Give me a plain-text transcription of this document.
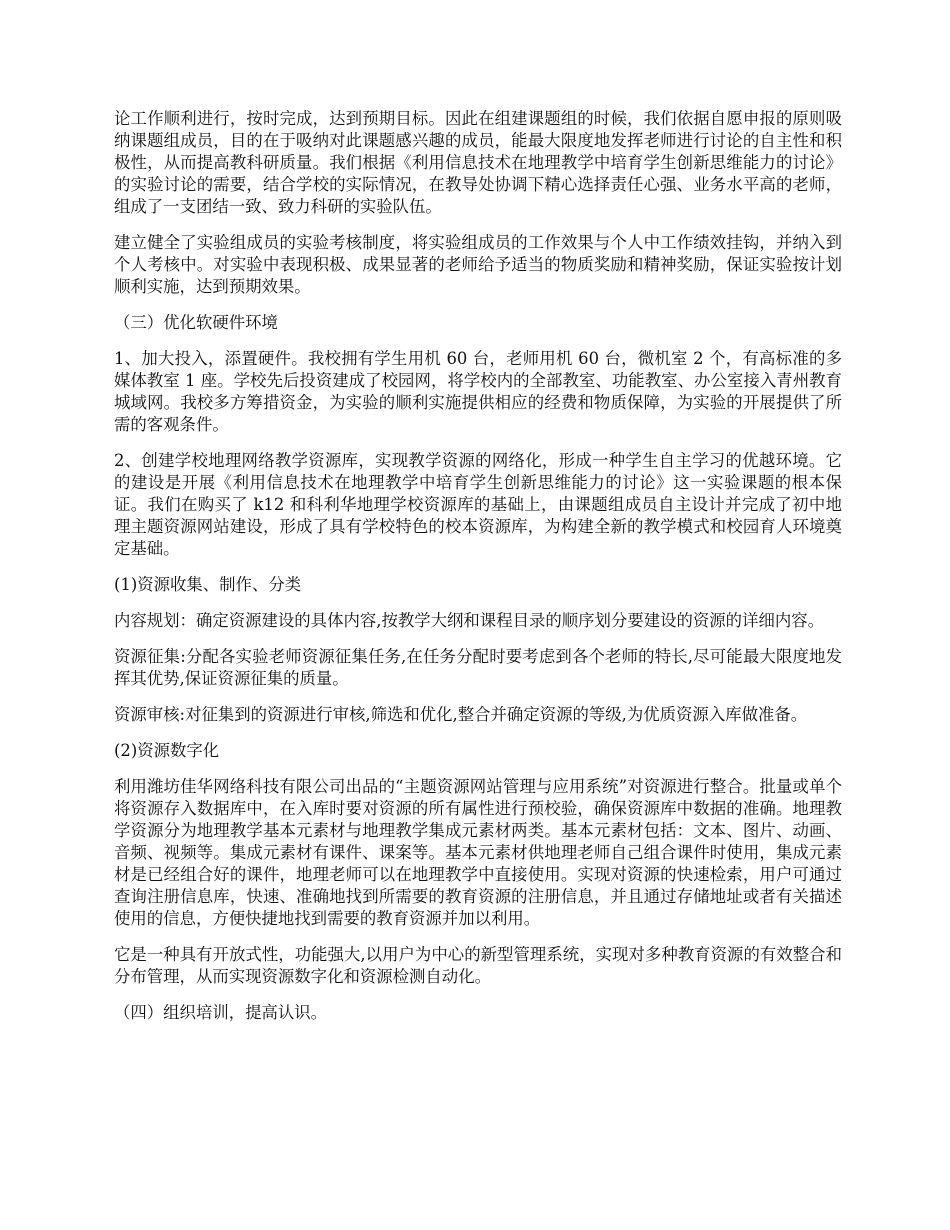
论工作顺利进行，按时完成，达到预期目标。因此在组建课题组的时候，我们依据自愿申报的原则吸纳课题组成员，目的在于吸纳对此课题感兴趣的成员，能最大限度地发挥老师进行讨论的自主性和积极性，从而提高教科研质量。我们根据《利用信息技术在地理教学中培育学生创新思维能力的讨论》的实验讨论的需要，结合学校的实际情况，在教导处协调下精心选择责任心强、业务水平高的老师，组成了一支团结一致、致力科研的实验队伍。

建立健全了实验组成员的实验考核制度，将实验组成员的工作效果与个人中工作绩效挂钩，并纳入到个人考核中。对实验中表现积极、成果显著的老师给予适当的物质奖励和精神奖励，保证实验按计划顺利实施，达到预期效果。

（三）优化软硬件环境

1、加大投入，添置硬件。我校拥有学生用机 60 台，老师用机 60 台，微机室 2 个，有高标准的多媒体教室 1 座。学校先后投资建成了校园网，将学校内的全部教室、功能教室、办公室接入青州教育城域网。我校多方筹措资金，为实验的顺利实施提供相应的经费和物质保障，为实验的开展提供了所需的客观条件。

2、创建学校地理网络教学资源库，实现教学资源的网络化，形成一种学生自主学习的优越环境。它的建设是开展《利用信息技术在地理教学中培育学生创新思维能力的讨论》这一实验课题的根本保证。我们在购买了 k12 和科利华地理学校资源库的基础上，由课题组成员自主设计并完成了初中地理主题资源网站建设，形成了具有学校特色的校本资源库，为构建全新的教学模式和校园育人环境奠定基础。

(1)资源收集、制作、分类

内容规划：确定资源建设的具体内容,按教学大纲和课程目录的顺序划分要建设的资源的详细内容。

资源征集:分配各实验老师资源征集任务,在任务分配时要考虑到各个老师的特长,尽可能最大限度地发挥其优势,保证资源征集的质量。

资源审核:对征集到的资源进行审核,筛选和优化,整合并确定资源的等级,为优质资源入库做准备。

(2)资源数字化

利用潍坊佳华网络科技有限公司出品的“主题资源网站管理与应用系统”对资源进行整合。批量或单个将资源存入数据库中，在入库时要对资源的所有属性进行预校验，确保资源库中数据的准确。地理教学资源分为地理教学基本元素材与地理教学集成元素材两类。基本元素材包括：文本、图片、动画、音频、视频等。集成元素材有课件、课案等。基本元素材供地理老师自己组合课件时使用，集成元素材是已经组合好的课件，地理老师可以在地理教学中直接使用。实现对资源的快速检索，用户可通过查询注册信息库，快速、准确地找到所需要的教育资源的注册信息，并且通过存储地址或者有关描述使用的信息，方便快捷地找到需要的教育资源并加以利用。

它是一种具有开放式性，功能强大,以用户为中心的新型管理系统，实现对多种教育资源的有效整合和分布管理，从而实现资源数字化和资源检测自动化。

（四）组织培训，提高认识。
